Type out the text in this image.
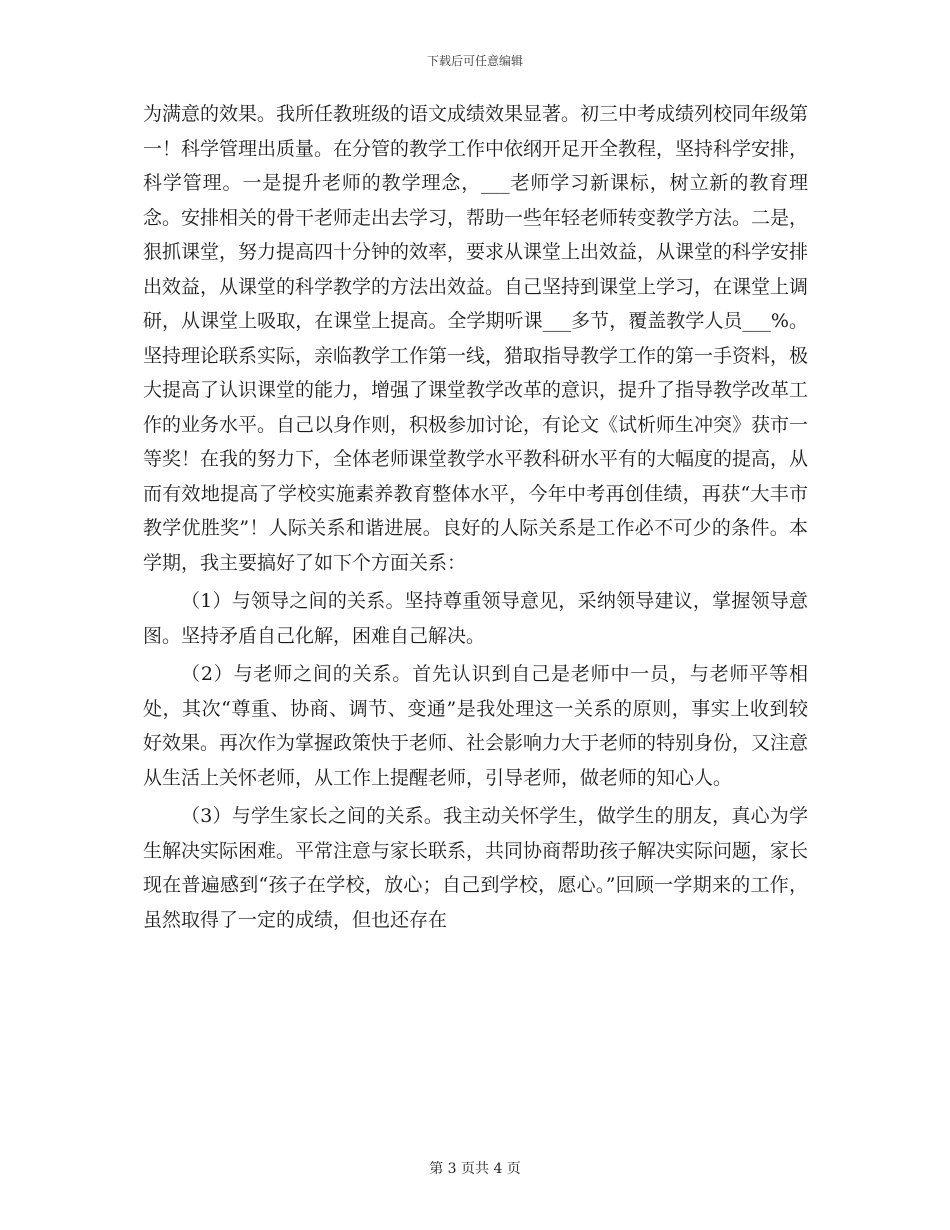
下载后可任意编辑

为满意的效果。我所任教班级的语文成绩效果显著。初三中考成绩列校同年级第一！科学管理出质量。在分管的教学工作中依纲开足开全教程，坚持科学安排，科学管理。一是提升老师的教学理念，___老师学习新课标，树立新的教育理念。安排相关的骨干老师走出去学习，帮助一些年轻老师转变教学方法。二是，狠抓课堂，努力提高四十分钟的效率，要求从课堂上出效益，从课堂的科学安排出效益，从课堂的科学教学的方法出效益。自己坚持到课堂上学习，在课堂上调研，从课堂上吸取，在课堂上提高。全学期听课___多节，覆盖教学人员___%。坚持理论联系实际，亲临教学工作第一线，猎取指导教学工作的第一手资料，极大提高了认识课堂的能力，增强了课堂教学改革的意识，提升了指导教学改革工作的业务水平。自己以身作则，积极参加讨论，有论文《试析师生冲突》获市一等奖！在我的努力下，全体老师课堂教学水平教科研水平有的大幅度的提高，从而有效地提高了学校实施素养教育整体水平，今年中考再创佳绩，再获“大丰市教学优胜奖”！人际关系和谐进展。良好的人际关系是工作必不可少的条件。本学期，我主要搞好了如下个方面关系：

（1）与领导之间的关系。坚持尊重领导意见，采纳领导建议，掌握领导意图。坚持矛盾自己化解，困难自己解决。

（2）与老师之间的关系。首先认识到自己是老师中一员，与老师平等相处，其次“尊重、协商、调节、变通”是我处理这一关系的原则，事实上收到较好效果。再次作为掌握政策快于老师、社会影响力大于老师的特别身份，又注意从生活上关怀老师，从工作上提醒老师，引导老师，做老师的知心人。

（3）与学生家长之间的关系。我主动关怀学生，做学生的朋友，真心为学生解决实际困难。平常注意与家长联系，共同协商帮助孩子解决实际问题，家长现在普遍感到“孩子在学校，放心；自己到学校，愿心。”回顾一学期来的工作，虽然取得了一定的成绩，但也还存在

第 3 页共 4 页
